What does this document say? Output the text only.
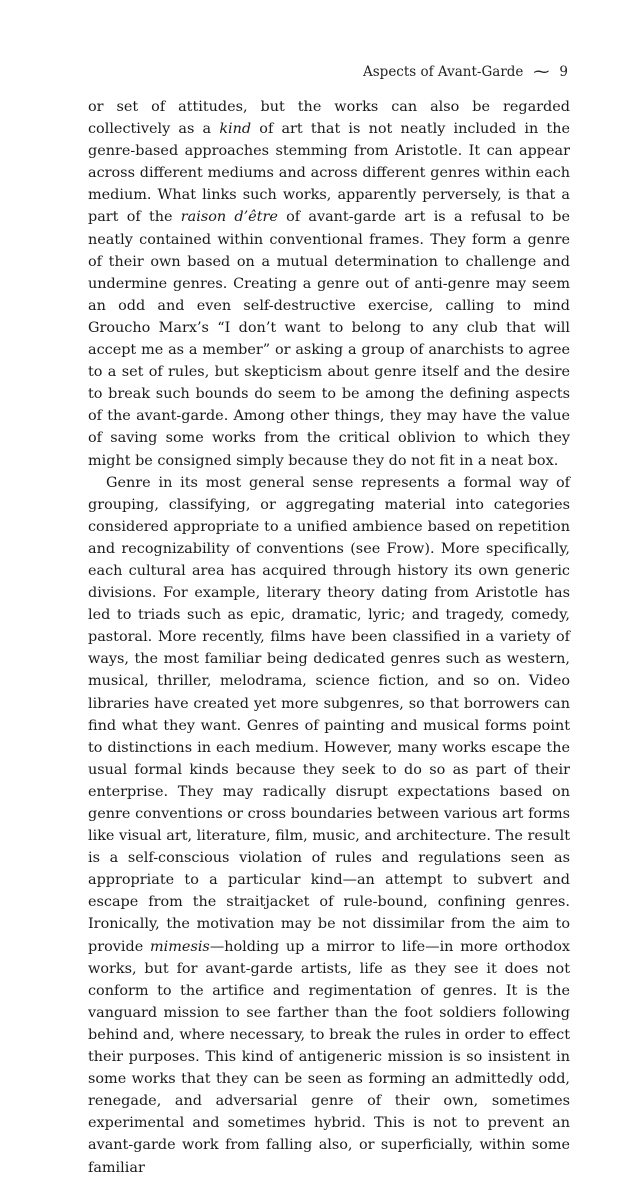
Aspects of Avant-Garde ⁓ 9

or set of attitudes, but the works can also be regarded collectively as a kind of art that is not neatly included in the genre-based approaches stemming from Aristotle. It can appear across different mediums and across different genres within each medium. What links such works, apparently perversely, is that a part of the raison d’être of avant-garde art is a refusal to be neatly contained within conventional frames. They form a genre of their own based on a mutual determination to challenge and undermine genres. Creating a genre out of anti-genre may seem an odd and even self-destructive exercise, calling to mind Groucho Marx’s “I don’t want to belong to any club that will accept me as a member” or asking a group of anarchists to agree to a set of rules, but skepticism about genre itself and the desire to break such bounds do seem to be among the defining aspects of the avant-garde. Among other things, they may have the value of saving some works from the critical oblivion to which they might be consigned simply because they do not fit in a neat box.

Genre in its most general sense represents a formal way of grouping, classifying, or aggregating material into categories considered appropriate to a unified ambience based on repetition and recognizability of conventions (see Frow). More specifically, each cultural area has acquired through history its own generic divisions. For example, literary theory dating from Aristotle has led to triads such as epic, dramatic, lyric; and tragedy, comedy, pastoral. More recently, films have been classified in a variety of ways, the most familiar being dedicated genres such as western, musical, thriller, melodrama, science fiction, and so on. Video libraries have created yet more subgenres, so that borrowers can find what they want. Genres of painting and musical forms point to distinctions in each medium. However, many works escape the usual formal kinds because they seek to do so as part of their enterprise. They may radically disrupt expectations based on genre conventions or cross boundaries between various art forms like visual art, literature, film, music, and architecture. The result is a self-conscious violation of rules and regulations seen as appropriate to a particular kind—an attempt to subvert and escape from the straitjacket of rule-bound, confining genres. Ironically, the motivation may be not dissimilar from the aim to provide mimesis—holding up a mirror to life—in more orthodox works, but for avant-garde artists, life as they see it does not conform to the artifice and regimentation of genres. It is the vanguard mission to see farther than the foot soldiers following behind and, where necessary, to break the rules in order to effect their purposes. This kind of antigeneric mission is so insistent in some works that they can be seen as forming an admittedly odd, renegade, and adversarial genre of their own, sometimes experimental and sometimes hybrid. This is not to prevent an avant-garde work from falling also, or superficially, within some familiar
